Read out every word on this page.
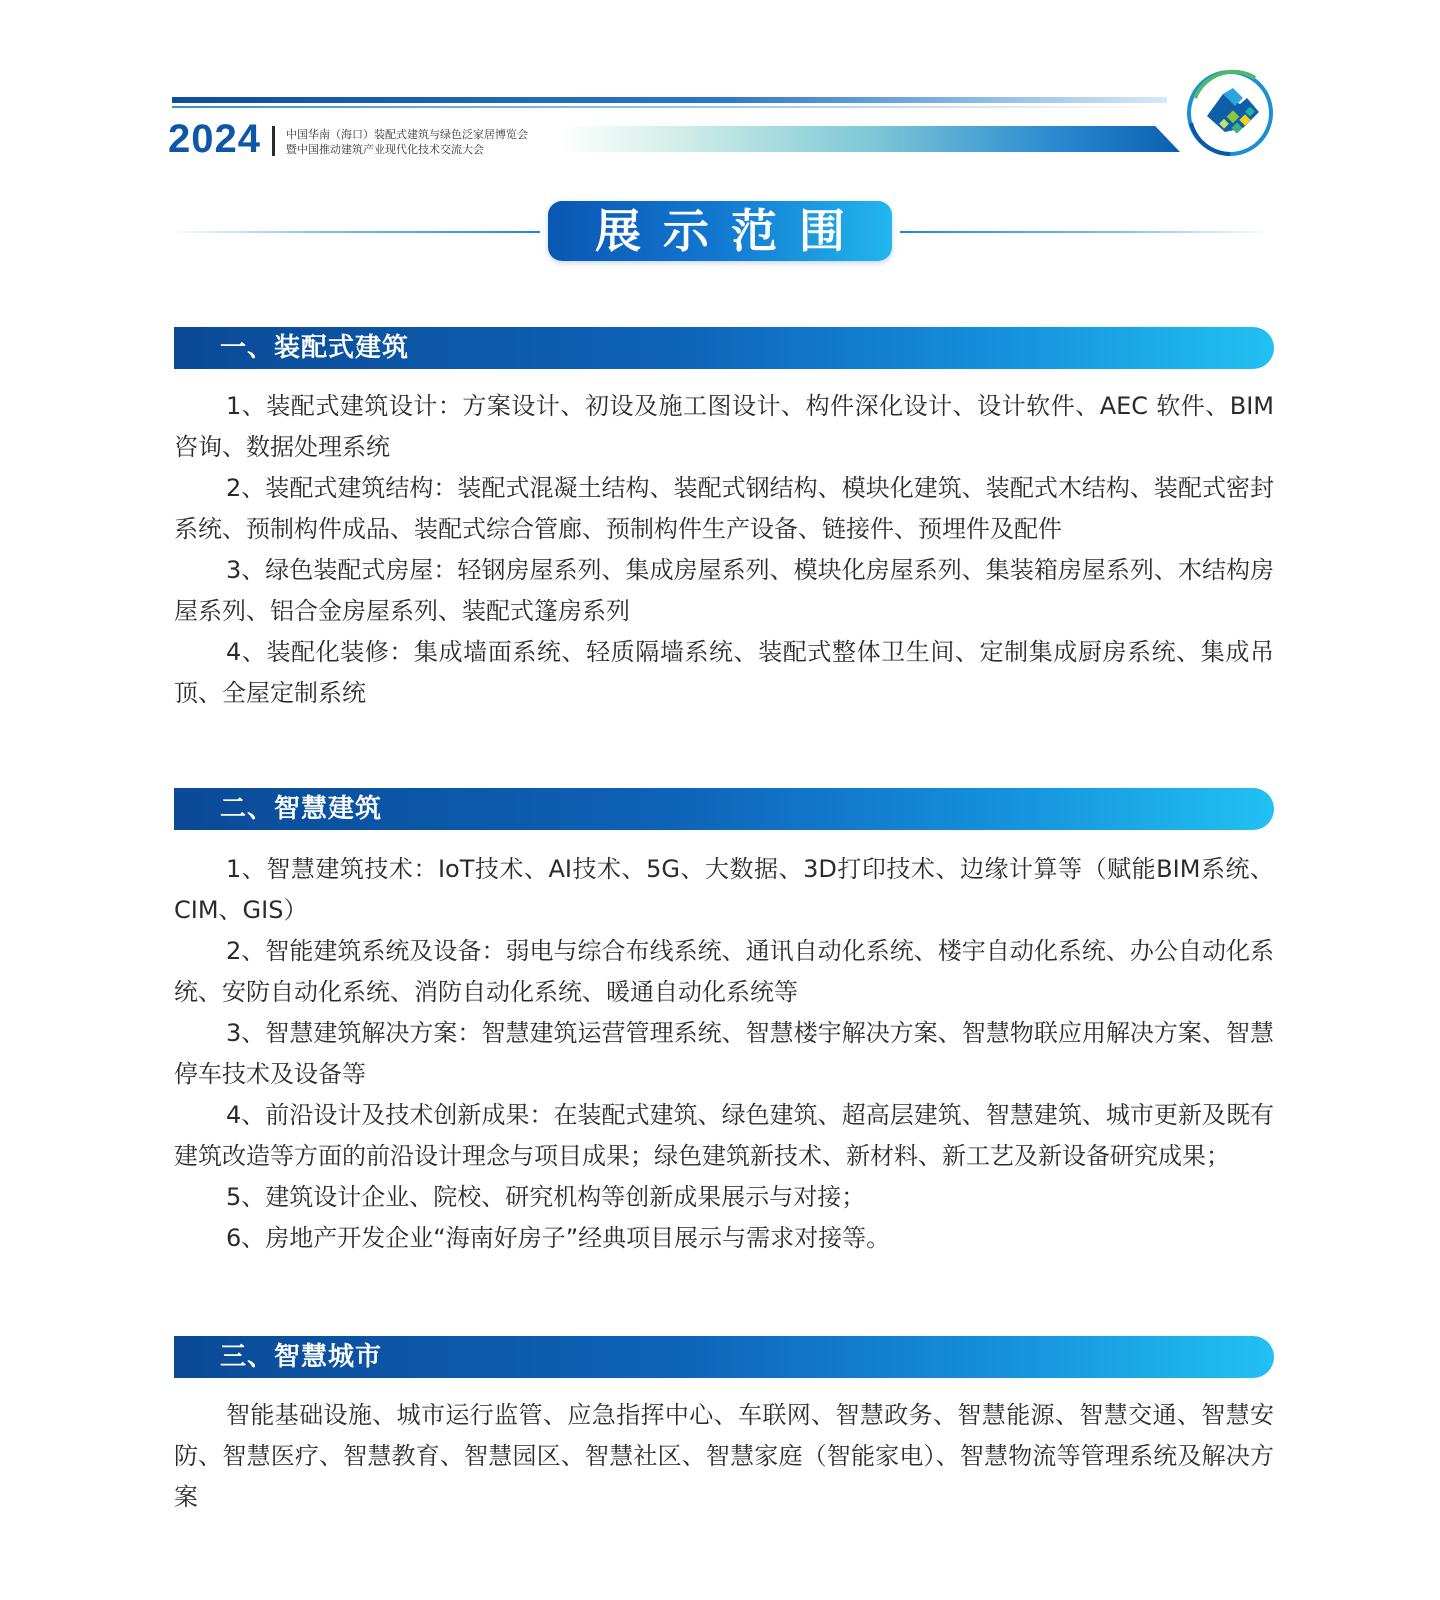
2024 中国华南（海口）装配式建筑与绿色泛家居博览会
暨中国推动建筑产业现代化技术交流大会
展示范围
一、装配式建筑

1、装配式建筑设计：方案设计、初设及施工图设计、构件深化设计、设计软件、AEC 软件、BIM 咨询、数据处理系统

2、装配式建筑结构：装配式混凝土结构、装配式钢结构、模块化建筑、装配式木结构、装配式密封系统、预制构件成品、装配式综合管廊、预制构件生产设备、链接件、预埋件及配件

3、绿色装配式房屋：轻钢房屋系列、集成房屋系列、模块化房屋系列、集装箱房屋系列、木结构房屋系列、铝合金房屋系列、装配式篷房系列

4、装配化装修：集成墙面系统、轻质隔墙系统、装配式整体卫生间、定制集成厨房系统、集成吊顶、全屋定制系统

二、智慧建筑

1、智慧建筑技术：IoT技术、AI技术、5G、大数据、3D打印技术、边缘计算等（赋能BIM系统、CIM、GIS）

2、智能建筑系统及设备：弱电与综合布线系统、通讯自动化系统、楼宇自动化系统、办公自动化系统、安防自动化系统、消防自动化系统、暖通自动化系统等

3、智慧建筑解决方案：智慧建筑运营管理系统、智慧楼宇解决方案、智慧物联应用解决方案、智慧停车技术及设备等

4、前沿设计及技术创新成果：在装配式建筑、绿色建筑、超高层建筑、智慧建筑、城市更新及既有建筑改造等方面的前沿设计理念与项目成果；绿色建筑新技术、新材料、新工艺及新设备研究成果；

5、建筑设计企业、院校、研究机构等创新成果展示与对接；

6、房地产开发企业“海南好房子”经典项目展示与需求对接等。

三、智慧城市

智能基础设施、城市运行监管、应急指挥中心、车联网、智慧政务、智慧能源、智慧交通、智慧安防、智慧医疗、智慧教育、智慧园区、智慧社区、智慧家庭（智能家电）、智慧物流等管理系统及解决方案
